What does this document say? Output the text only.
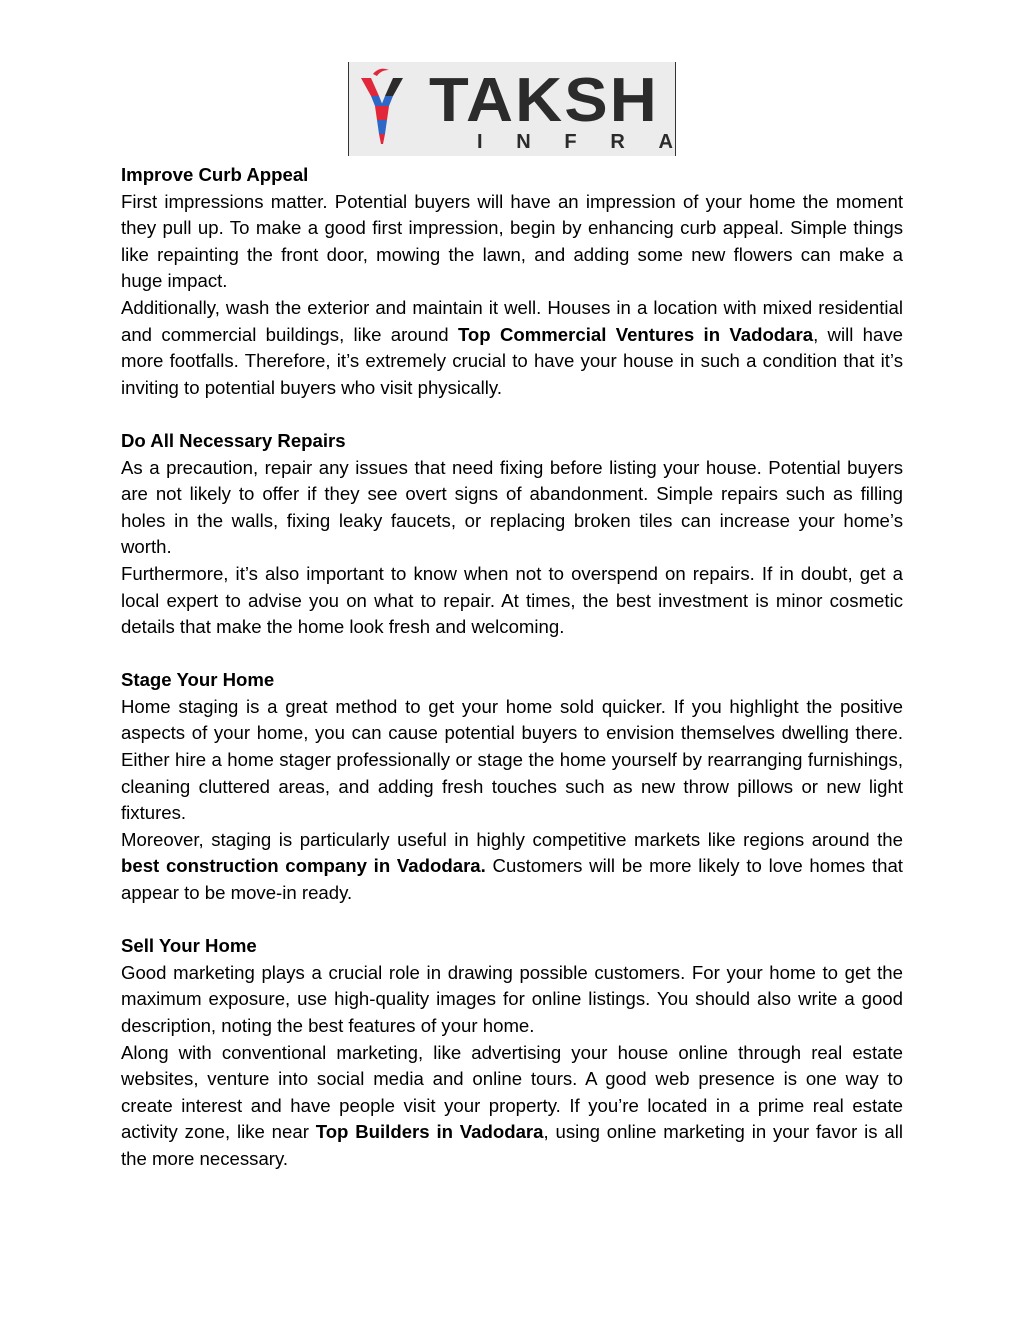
TAKSH
I N F R A
Improve Curb Appeal

First impressions matter. Potential buyers will have an impression of your home the moment they pull up. To make a good first impression, begin by enhancing curb appeal. Simple things like repainting the front door, mowing the lawn, and adding some new flowers can make a huge impact.

Additionally, wash the exterior and maintain it well. Houses in a location with mixed residential and commercial buildings, like around Top Commercial Ventures in Vadodara, will have more footfalls. Therefore, it’s extremely crucial to have your house in such a condition that it’s inviting to potential buyers who visit physically.

Do All Necessary Repairs

As a precaution, repair any issues that need fixing before listing your house. Potential buyers are not likely to offer if they see overt signs of abandonment. Simple repairs such as filling holes in the walls, fixing leaky faucets, or replacing broken tiles can increase your home’s worth.

Furthermore, it’s also important to know when not to overspend on repairs. If in doubt, get a local expert to advise you on what to repair. At times, the best investment is minor cosmetic details that make the home look fresh and welcoming.

Stage Your Home

Home staging is a great method to get your home sold quicker. If you highlight the positive aspects of your home, you can cause potential buyers to envision themselves dwelling there. Either hire a home stager professionally or stage the home yourself by rearranging furnishings, cleaning cluttered areas, and adding fresh touches such as new throw pillows or new light fixtures.

Moreover, staging is particularly useful in highly competitive markets like regions around the best construction company in Vadodara. Customers will be more likely to love homes that appear to be move-in ready.

Sell Your Home

Good marketing plays a crucial role in drawing possible customers. For your home to get the maximum exposure, use high-quality images for online listings. You should also write a good description, noting the best features of your home.

Along with conventional marketing, like advertising your house online through real estate websites, venture into social media and online tours. A good web presence is one way to create interest and have people visit your property. If you’re located in a prime real estate activity zone, like near Top Builders in Vadodara, using online marketing in your favor is all the more necessary.
